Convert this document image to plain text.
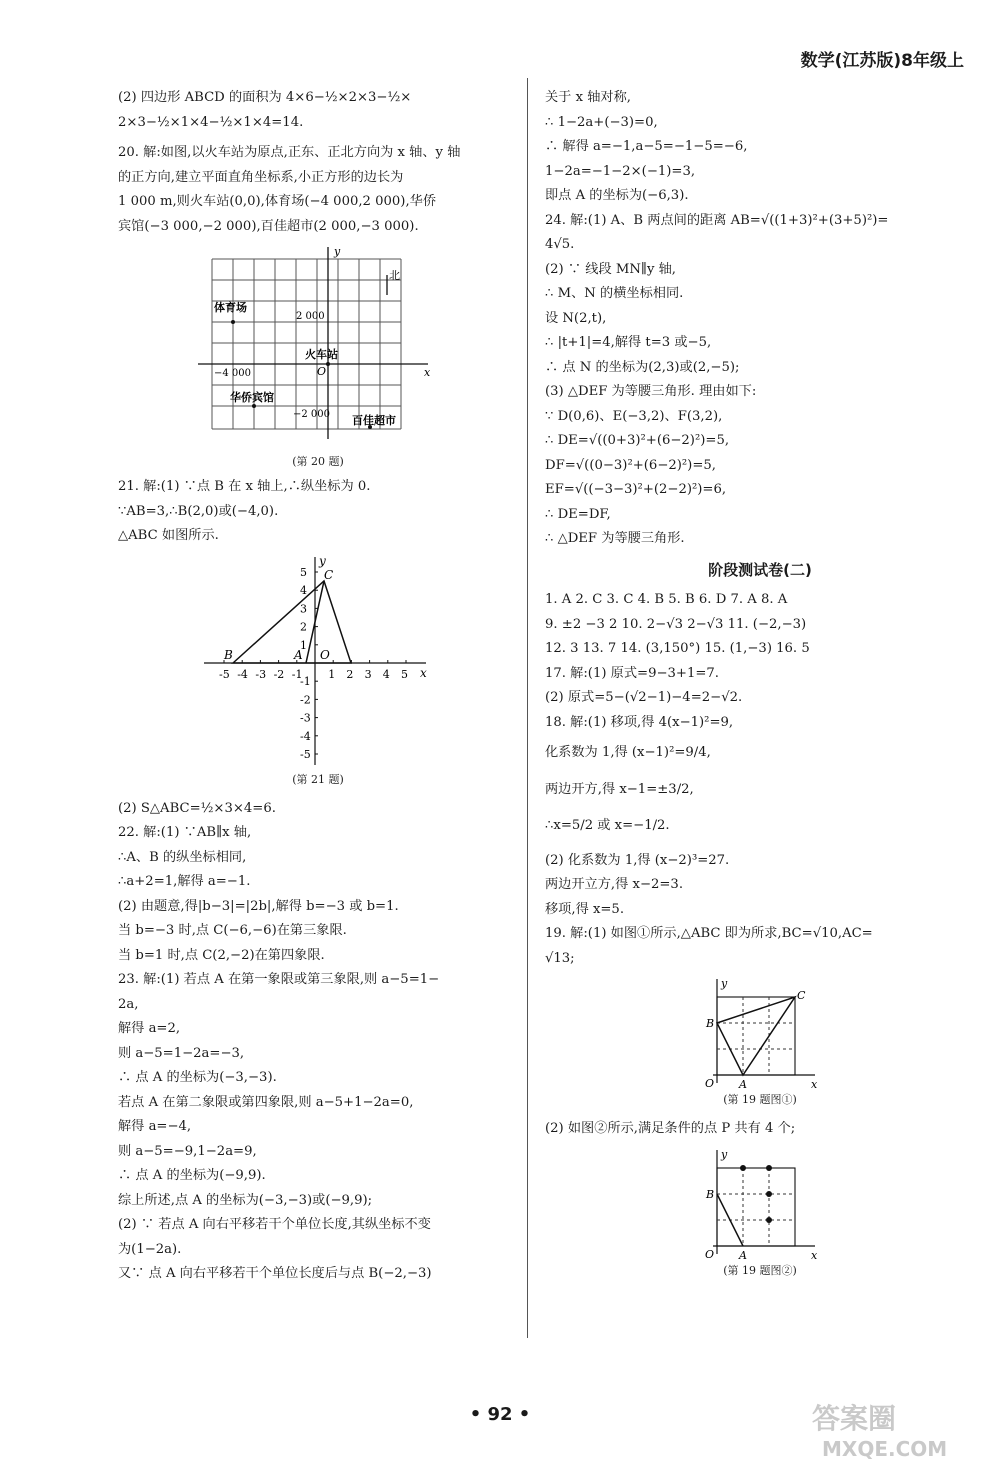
数学(江苏版)8年级上

(2) 四边形 ABCD 的面积为 4×6−½×2×3−½×

2×3−½×1×4−½×1×4=14.

20. 解:如图,以火车站为原点,正东、正北方向为 x 轴、y 轴

的正方向,建立平面直角坐标系,小正方形的边长为

1 000 m,则火车站(0,0),体育场(−4 000,2 000),华侨

宾馆(−3 000,−2 000),百佳超市(2 000,−3 000).

y
x
北
O
体育场
火车站
华侨宾馆
百佳超市
2 000
−4 000
−2 000

(第 20 题)

21. 解:(1) ∵点 B 在 x 轴上,∴纵坐标为 0.

∵AB=3,∴B(2,0)或(−4,0).

△ABC 如图所示.

B	A
C
O
x
y
-5 -4 -3 -2 -1 1 2 3 4 5
5
4
3
2
1
-1
-2
-3
-4
-5

(第 21 题)

(2) S△ABC=½×3×4=6.

22. 解:(1) ∵AB∥x 轴,

∴A、B 的纵坐标相同,

∴a+2=1,解得 a=−1.

(2) 由题意,得|b−3|=|2b|,解得 b=−3 或 b=1.

当 b=−3 时,点 C(−6,−6)在第三象限.

当 b=1 时,点 C(2,−2)在第四象限.

23. 解:(1) 若点 A 在第一象限或第三象限,则 a−5=1−

2a,

解得 a=2,

则 a−5=1−2a=−3,

∴ 点 A 的坐标为(−3,−3).

若点 A 在第二象限或第四象限,则 a−5+1−2a=0,

解得 a=−4,

则 a−5=−9,1−2a=9,

∴ 点 A 的坐标为(−9,9).

综上所述,点 A 的坐标为(−3,−3)或(−9,9);

(2) ∵ 若点 A 向右平移若干个单位长度,其纵坐标不变

为(1−2a).

又∵ 点 A 向右平移若干个单位长度后与点 B(−2,−3)

关于 x 轴对称,

∴ 1−2a+(−3)=0,

∴ 解得 a=−1,a−5=−1−5=−6,

1−2a=−1−2×(−1)=3,

即点 A 的坐标为(−6,3).

24. 解:(1) A、B 两点间的距离 AB=√((1+3)²+(3+5)²)=

4√5.

(2) ∵ 线段 MN∥y 轴,

∴ M、N 的横坐标相同.

设 N(2,t),

∴ |t+1|=4,解得 t=3 或−5,

∴ 点 N 的坐标为(2,3)或(2,−5);

(3) △DEF 为等腰三角形. 理由如下:

∵ D(0,6)、E(−3,2)、F(3,2),

∴ DE=√((0+3)²+(6−2)²)=5,

DF=√((0−3)²+(6−2)²)=5,

EF=√((−3−3)²+(2−2)²)=6,

∴ DE=DF,

∴ △DEF 为等腰三角形.

阶段测试卷(二)

1. A 2. C 3. C 4. B 5. B 6. D 7. A 8. A

9. ±2 −3 2 10. 2−√3 2−√3 11. (−2,−3)

12. 3 13. 7 14. (3,150°) 15. (1,−3) 16. 5

17. 解:(1) 原式=9−3+1=7.

(2) 原式=5−(√2−1)−4=2−√2.

18. 解:(1) 移项,得 4(x−1)²=9,

化系数为 1,得 (x−1)²=9/4,

两边开方,得 x−1=±3/2,

∴x=5/2 或 x=−1/2.

(2) 化系数为 1,得 (x−2)³=27.

两边开立方,得 x−2=3.

移项,得 x=5.

19. 解:(1) 如图①所示,△ABC 即为所求,BC=√10,AC=

√13;

y
x
O A
B
C

(第 19 题图①)

(2) 如图②所示,满足条件的点 P 共有 4 个;

y
x
O A
B

(第 19 题图②)

• 92 •	答案圈
MXQE.COM
